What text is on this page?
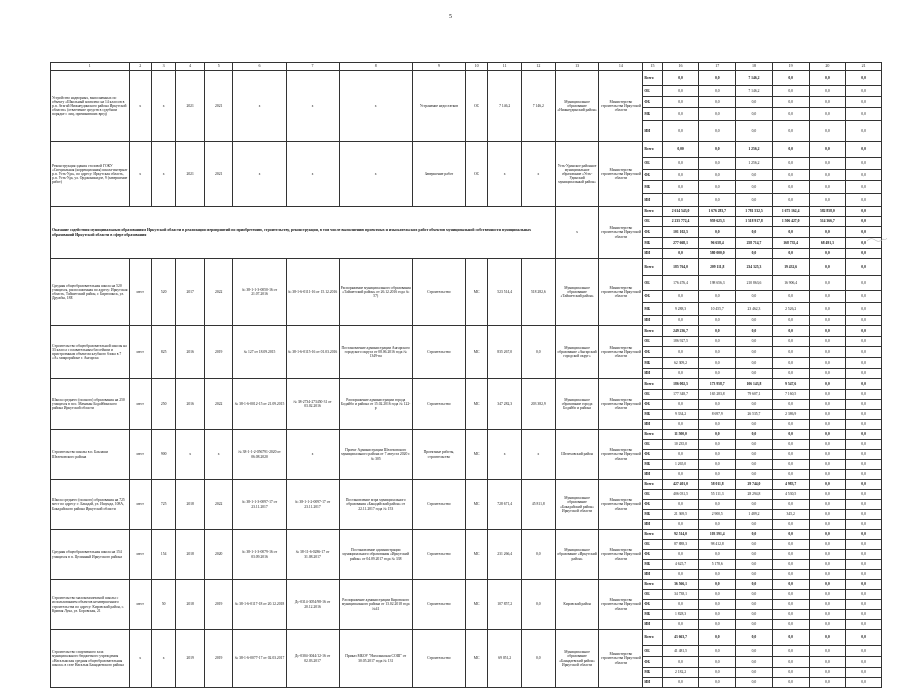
5
1	2	3	4	5	6	7	8	9	10	11	12	13	14	15	16	17	18	19	20	21
Устройство надворных, выполненных по объекту «Школьный комплекс на 14 классов в р.п. Атагай Нижнеудинского района Иркутской области» (отвлечение средств в судебном порядке с лиц, причинивших вред)	х	х	2021	2021	х	х	х	Устранение недостатков	ОС	7 146,2	7 146,2	Муниципальное образование «Нижнеудинский район»	Министерство строительства Иркутской области	Всего	0,0	0,0	7 146,2	0,0	0,0	0,0
														ОБ	0,0	0,0	7 146,2	0,0	0,0	0,0
														ФБ	0,0	0,0	0,0	0,0	0,0	0,0
														МБ	0,0	0,0	0,0	0,0	0,0	0,0
														ИИ	0,0	0,0	0,0	0,0	0,0	0,0
Реконструкция здания столовой ГОКУ «Специальная (коррекционная) школа-интернат р.п. Усть-Уда», по адресу: Иркутская область, р.п. Усть-Уда, ул. Орджоникидзе, 9 (завершение работ)	х	х	2021	2021	х	х	х	Завершение работ	ОС	х	х	Усть-Удинское районное муниципальное образование «Усть-Удинский муниципальный район»	Министерство строительства Иркутской области	Всего	0,00	0,0	1 256,2	0,0	0,0	0,0
														ОБ	0,0	0,0	1 256,2	0,0	0,0	0,0
														ФБ	0,0	0,0	0,0	0,0	0,0	0,0
														МБ	0,0	0,0	0,0	0,0	0,0	0,0
														ИИ	0,0	0,0	0,0	0,0	0,0	0,0
Оказание содействия муниципальным образованиям Иркутской области в реализации мероприятий по приобретению, строительству, реконструкции, в том числе выполнению проектных и изыскательских работ объектов муниципальной собственности муниципальных образований Иркутской области в сфере образования												х	Министерство строительства Иркутской области	Всего	2 614 543,0	1 676 283,7	1 781 532,5	1 675 162,4	582 858,0	0,0
														ОБ	2 235 772,4	959 625,3	1 518 917,8	1 506 427,0	514 366,7	0,0
														ФБ	101 102,5	0,0	0,0	0,0	0,0	0,0
														МБ	277 668,1	96 658,4	258 714,7	168 735,4	68 491,3	0,0
														ИИ	0,0	580 000,0	0,0	0,0	0,0	0,0
Средняя общеобразовательная школа на 520 учащихся, расположенная по адресу: Иркутская область, Тайшетский район, г. Бирюсинск, ул. Дружбы, 18Е	мест	520	2017	2022	№ 38-1-1-3-0050-16 от 21.07.2016	№ 38-1-6-0111-16 от 15.12.2016	Распоряжение муниципального образования «Тайшетский район» от 26.12.2016 года № 57)	Строительство	МС	523 514,4	518 282,6	Муниципальное образование «Тайшетский район»	Министерство строительства Иркутской области	Всего	185 764,0	209 111,8	234 325,3	19 432,6	0,0	0,0
														ОБ	176 476,4	198 656,3	210 863,6	16 906,4	0,0	0,0
														ФБ	0,0	0,0	0,0	0,0	0,0	0,0
														МБ	9 288,3	10 455,7	23 462,3	2 526,2	0,0	0,0
														ИИ	0,0	0,0	0,0	0,0	0,0	0,0
Строительство общеобразовательной школы на 33 класса с плавательным бассейном и пристроенным объектом клубного блока в 7 «А» микрорайоне г. Ангарска	мест	825	2016	2019	№ 127 от 18.09.2015	№ 38-1-6-0115-16 от 01.03.2016	Постановление администрации Ангарского городского округа от 08.06.2016 года № 1349-па	Строительство	МС	835 267,0	0,0	Муниципальное образование «Ангарский городской округ»	Министерство строительства Иркутской области	Всего	249 236,7	0,0	0,0	0,0	0,0	0,0
														ОБ	186 927,5	0,0	0,0	0,0	0,0	0,0
														ФБ	0,0	0,0	0,0	0,0	0,0	0,0
														МБ	62 309,2	0,0	0,0	0,0	0,0	0,0
														ИИ	0,0	0,0	0,0	0,0	0,0	0,0
Школа среднего (полного) образования на 250 учащихся в пос. Мамакан Бодайбинского района Иркутской области	мест	250	2016	2022	№ 38-1-6-0012-15 от 21.09.2015	№ 38-2734-273450-31 от 03.02.2016	Распоряжение администрации города Бодайбо и района от 15.02.2016 года № 122-р	Строительство	МС	347 282,3	203 382,9	Муниципальное образование города Бодайбо и района	Министерство строительства Иркутской области	Всего	186 002,5	173 958,7	106 143,8	9 547,6	0,0	0,0
														ОБ	177 348,7	165 283,8	79 607,1	7 160,5	0,0	0,0
														ФБ	0,0	0,0	0,0	0,0	0,0	0,0
														МБ	9 334,2	8 697,9	26 535,7	2 386,9	0,0	0,0
														ИИ	0,0	0,0	0,0	0,0	0,0	0,0
Строительство школы в п. Баклаши Шелеховского района	мест	900	х	х	№ 38-1-1-2-056791-2020 от 06.08.2020	х	Проект Администрации Шелеховского муниципального района от 7 августа 2020 г. № 305	Проектные работы, строительство	МС	х	х	Шелеховский район	Министерство строительства Иркутской области	Всего	11 500,0	0,0	0,0	0,0	0,0	0,0
														ОБ	10 235,0	0,0	0,0	0,0	0,0	0,0
														ФБ	0,0	0,0	0,0	0,0	0,0	0,0
														МБ	1 265,0	0,0	0,0	0,0	0,0	0,0
														ИИ	0,0	0,0	0,0	0,0	0,0	0,0
Школа среднего (полного) образования на 725 мест по адресу: г. Бакадай, ул. Ишунда, 108А, Бакадайского района Иркутской области	мест	725	2018	2022	№ 38-1-1-3-0097-17 от 23.11.2017	№ 38-1-1-2-0097-17 от 23.11.2017	Постановление мэра муниципального образования «Бакадайский район» от 22.11.2017 года № 153	Строительство	МС	728 671,4	45 811,8	Муниципальное образование «Бакадайский район» Иркутской области	Министерство строительства Иркутской области	Всего	427 401,0	58 011,8	29 744,0	4 983,7	0,0	0,0
														ОБ	406 031,5	55 111,3	28 294,8	4 530,5	0,0	0,0
														ФБ	0,0	0,0	0,0	0,0	0,0	0,0
														МБ	21 369,5	2 900,5	1 489,2	345,2	0,0	0,0
														ИИ	0,0	0,0	0,0	0,0	0,0	0,0
Средняя общеобразовательная школа на 154 учащихся в п. Целинный Иркутского района	мест	154	2018	2020	№ 38-1-1-3-0079-16 от 03.09.2016	№ 38-11-6-0286-17 от 31.08.2017	Постановление администрации муниципального образования «Иркутский район» от 04.09.2017 года № 338	Строительство	МС	231 266,4	0,0	Муниципальное образование «Иркутский район»	Министерство строительства Иркутской области	Всего	92 514,0	103 591,4	0,0	0,0	0,0	0,0
														ОБ	87 888,3	98 412,8	0,0	0,0	0,0	0,0
														ФБ	0,0	0,0	0,0	0,0	0,0	0,0
														МБ	4 625,7	5 178,6	0,0	0,0	0,0	0,0
														ИИ	0,0	0,0	0,0	0,0	0,0	0,0
Строительство малокомплектной школы с использованием объектов незавершенного строительства по адресу: Кировский район, с. Кривая Лука, ул. Боровская, 21	мест	50	2018	2019	№ 38-1-6-0117-18 от 20.12.2018	Дс-0314-3054/98-16 от 20.12.2016	Распоряжение администрации Кировского муниципального района от 13.02.2018 года №41	Строительство	МС	107 857,2	0,0	Кировский район	Министерство строительства Иркутской области	Всего	36 566,1	0,0	0,0	0,0	0,0	0,0
														ОБ	34 738,1	0,0	0,0	0,0	0,0	0,0
														ФБ	0,0	0,0	0,0	0,0	0,0	0,0
														МБ	1 828,3	0,0	0,0	0,0	0,0	0,0
														ИИ	0,0	0,0	0,0	0,0	0,0	0,0
Строительство спортивного зала муниципального бюджетного учреждения «Нагалыкская средняя общеобразовательная школа» в селе Нагалык Баяндаевского района	х	х	2019	2019	№ 38-1-6-0077-17 от 02.03.2017	Дс-0304-3044/12-16 от 02.03.2017	Приказ МБОУ "Нагалыкская СОШ" от 30.05.2017 года № 131	Строительство	МС	69 051,2	0,0	Муниципальное образование «Баяндаевский район» Иркутской области	Министерство строительства Иркутской области	Всего	43 663,7	0,0	0,0	0,0	0,0	0,0
														ОБ	41 481,5	0,0	0,0	0,0	0,0	0,0
														ФБ	0,0	0,0	0,0	0,0	0,0	0,0
														МБ	2 182,2	0,0	0,0	0,0	0,0	0,0
														ИИ	0,0	0,0	0,0	0,0	0,0	0,0
